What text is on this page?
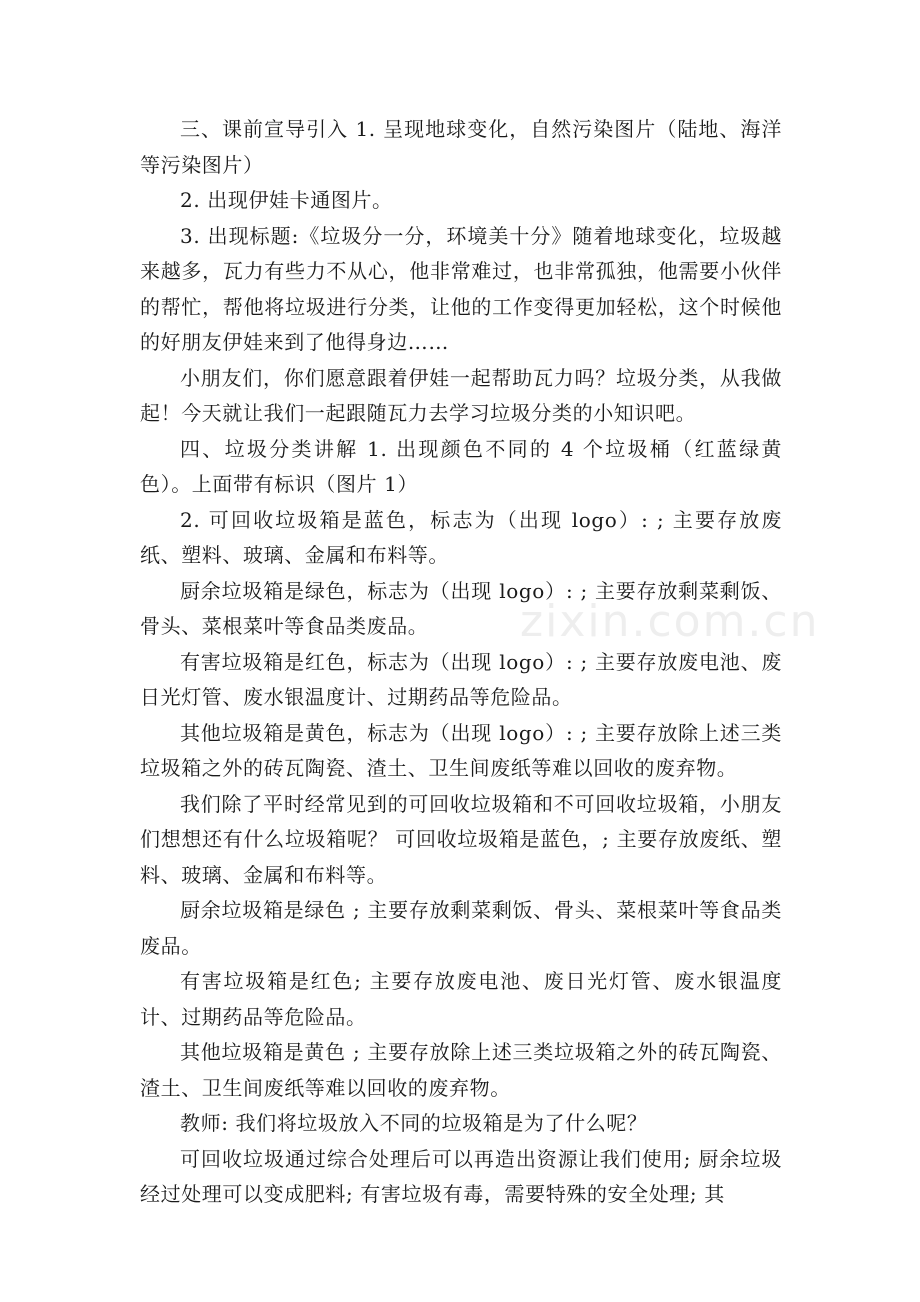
zixin.com.cn

三、课前宣导引入 1. 呈现地球变化，自然污染图片（陆地、海洋等污染图片）

2. 出现伊娃卡通图片。

3. 出现标题:《垃圾分一分，环境美十分》随着地球变化，垃圾越来越多，瓦力有些力不从心，他非常难过，也非常孤独，他需要小伙伴的帮忙，帮他将垃圾进行分类，让他的工作变得更加轻松，这个时候他的好朋友伊娃来到了他得身边……

小朋友们，你们愿意跟着伊娃一起帮助瓦力吗？垃圾分类，从我做起！今天就让我们一起跟随瓦力去学习垃圾分类的小知识吧。

四、垃圾分类讲解 1. 出现颜色不同的 4 个垃圾桶（红蓝绿黄色）。上面带有标识（图片 1）

2. 可回收垃圾箱是蓝色，标志为（出现 logo）: ; 主要存放废纸、塑料、玻璃、金属和布料等。

厨余垃圾箱是绿色，标志为（出现 logo）: ; 主要存放剩菜剩饭、骨头、菜根菜叶等食品类废品。

有害垃圾箱是红色，标志为（出现 logo）: ; 主要存放废电池、废日光灯管、废水银温度计、过期药品等危险品。

其他垃圾箱是黄色，标志为（出现 logo）: ; 主要存放除上述三类垃圾箱之外的砖瓦陶瓷、渣土、卫生间废纸等难以回收的废弃物。

我们除了平时经常见到的可回收垃圾箱和不可回收垃圾箱，小朋友们想想还有什么垃圾箱呢？ 可回收垃圾箱是蓝色，; 主要存放废纸、塑料、玻璃、金属和布料等。

厨余垃圾箱是绿色 ; 主要存放剩菜剩饭、骨头、菜根菜叶等食品类废品。

有害垃圾箱是红色; 主要存放废电池、废日光灯管、废水银温度计、过期药品等危险品。

其他垃圾箱是黄色 ; 主要存放除上述三类垃圾箱之外的砖瓦陶瓷、渣土、卫生间废纸等难以回收的废弃物。

教师: 我们将垃圾放入不同的垃圾箱是为了什么呢？

可回收垃圾通过综合处理后可以再造出资源让我们使用; 厨余垃圾经过处理可以变成肥料; 有害垃圾有毒，需要特殊的安全处理; 其
